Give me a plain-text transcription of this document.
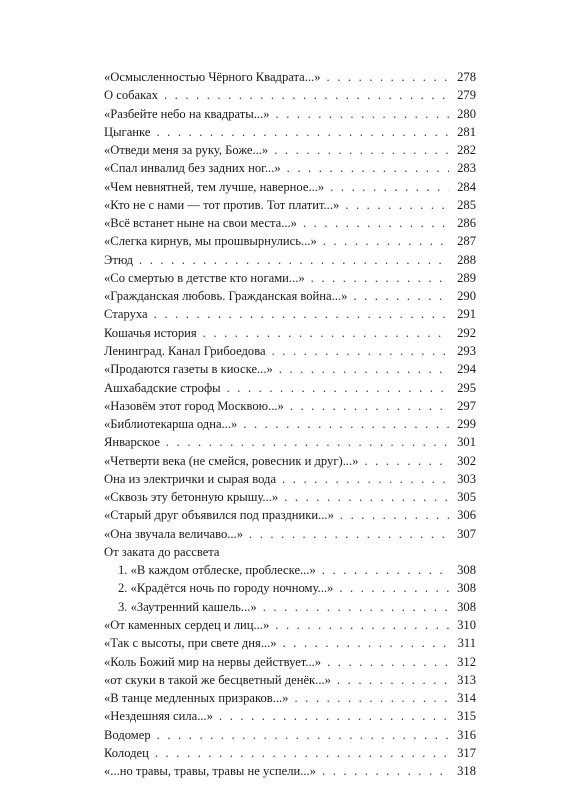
«Осмысленностью Чёрного Квадрата...» . . .	278
О собаках . . .	279
«Разбейте небо на квадраты...» . . .	280
Цыганке . . .	281
«Отведи меня за руку, Боже...» . . .	282
«Спал инвалид без задних ног...» . . .	283
«Чем невнятней, тем лучше, наверное...» . . .	284
«Кто не с нами — тот против. Тот платит...» . . .	285
«Всё встанет ныне на свои места...» . . .	286
«Слегка кирнув, мы прошвырнулись...» . . .	287
Этюд . . .	288
«Со смертью в детстве кто ногами...» . . .	289
«Гражданская любовь. Гражданская война...» . . .	290
Старуха . . .	291
Кошачья история . . .	292
Ленинград. Канал Грибоедова . . .	293
«Продаются газеты в киоске...» . . .	294
Ашхабадские строфы . . .	295
«Назовём этот город Москвою...» . . .	297
«Библиотекарша одна...» . . .	299
Январское . . .	301
«Четверти века (не смейся, ровесник и друг)...» . . .	302
Она из электрички и сырая вода . . .	303
«Сквозь эту бетонную крышу...» . . .	305
«Старый друг объявился под праздники...» . . .	306
«Она звучала величаво...» . . .	307
От заката до рассвета
1. «В каждом отблеске, проблеске...» . . .	308
2. «Крадётся ночь по городу ночному...» . . .	308
3. «Заутренний кашель...» . . .	308
«От каменных сердец и лиц...» . . .	310
«Так с высоты, при свете дня...» . . .	311
«Коль Божий мир на нервы действует...» . . .	312
«от скуки в такой же бесцветный денёк...» . . .	313
«В танце медленных призраков...» . . .	314
«Нездешняя сила...» . . .	315
Водомер . . .	316
Колодец . . .	317
«...но травы, травы, травы не успели...» . . .	318
